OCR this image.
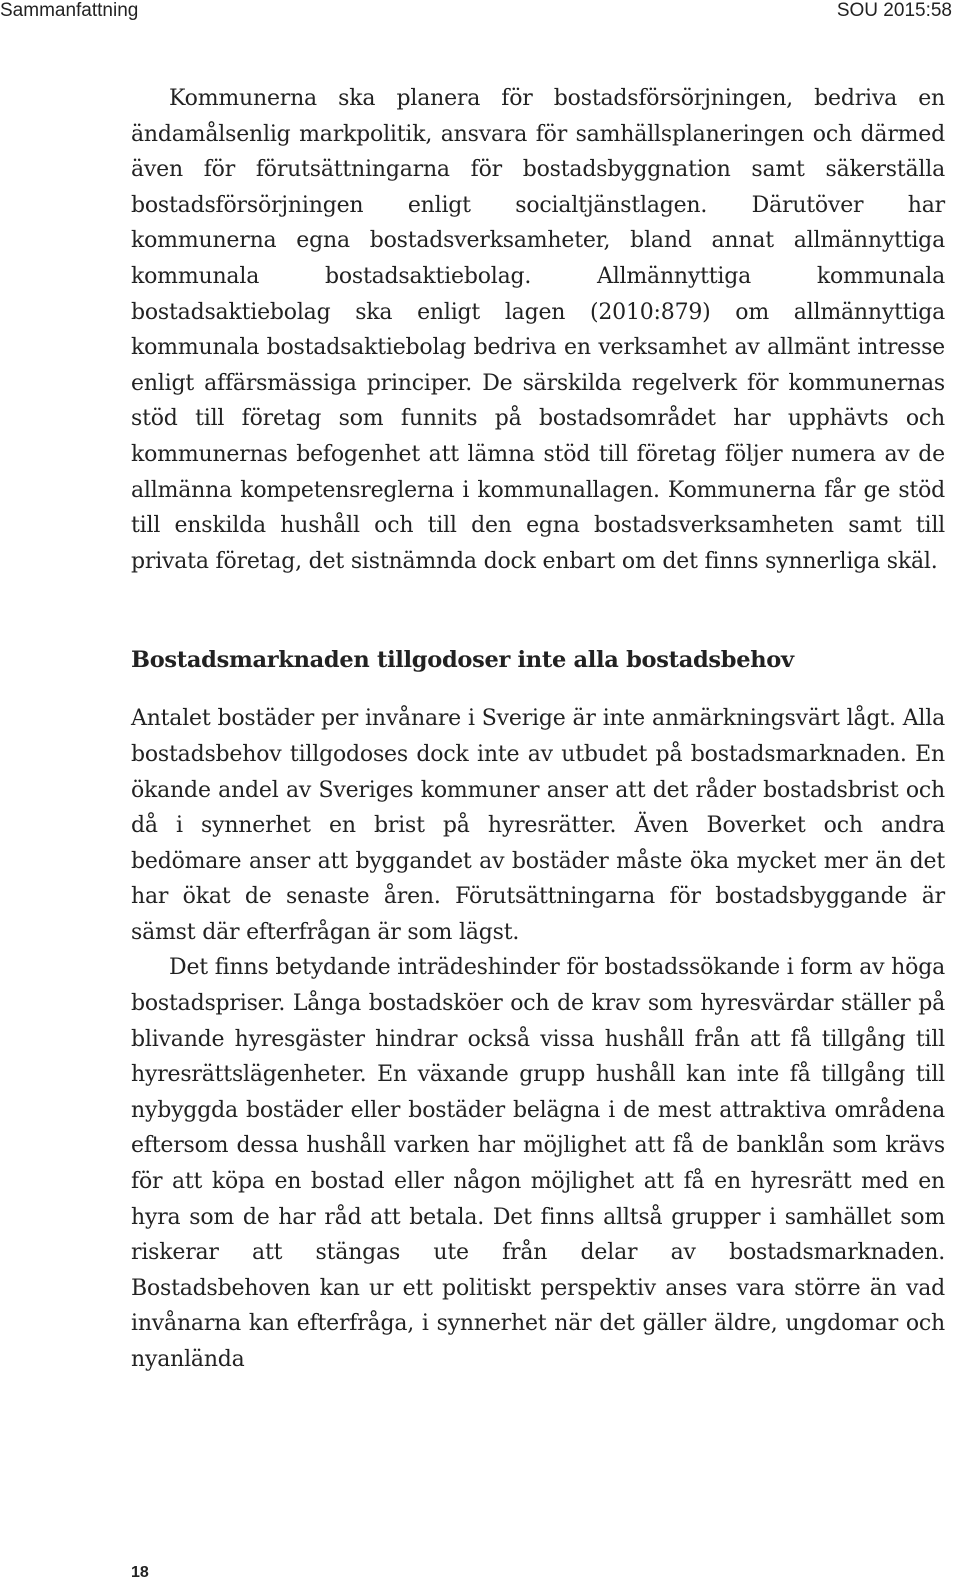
Sammanfattning	SOU 2015:58

Kommunerna ska planera för bostadsförsörjningen, bedriva en ändamålsenlig markpolitik, ansvara för samhällsplaneringen och därmed även för förutsättningarna för bostadsbyggnation samt säkerställa bostadsförsörjningen enligt socialtjänstlagen. Därutöver har kommunerna egna bostadsverksamheter, bland annat allmännyttiga kommunala bostadsaktiebolag. Allmännyttiga kommunala bostadsaktiebolag ska enligt lagen (2010:879) om allmännyttiga kommunala bostadsaktiebolag bedriva en verksamhet av allmänt intresse enligt affärsmässiga principer. De särskilda regelverk för kommunernas stöd till företag som funnits på bostadsområdet har upphävts och kommunernas befogenhet att lämna stöd till företag följer numera av de allmänna kompetensreglerna i kommunallagen. Kommunerna får ge stöd till enskilda hushåll och till den egna bostadsverksamheten samt till privata företag, det sistnämnda dock enbart om det finns synnerliga skäl.

Bostadsmarknaden tillgodoser inte alla bostadsbehov

Antalet bostäder per invånare i Sverige är inte anmärkningsvärt lågt. Alla bostadsbehov tillgodoses dock inte av utbudet på bostadsmarknaden. En ökande andel av Sveriges kommuner anser att det råder bostadsbrist och då i synnerhet en brist på hyresrätter. Även Boverket och andra bedömare anser att byggandet av bostäder måste öka mycket mer än det har ökat de senaste åren. Förutsättningarna för bostadsbyggande är sämst där efterfrågan är som lägst.

Det finns betydande inträdeshinder för bostadssökande i form av höga bostadspriser. Långa bostadsköer och de krav som hyresvärdar ställer på blivande hyresgäster hindrar också vissa hushåll från att få tillgång till hyresrättslägenheter. En växande grupp hushåll kan inte få tillgång till nybyggda bostäder eller bostäder belägna i de mest attraktiva områdena eftersom dessa hushåll varken har möjlighet att få de banklån som krävs för att köpa en bostad eller någon möjlighet att få en hyresrätt med en hyra som de har råd att betala. Det finns alltså grupper i samhället som riskerar att stängas ute från delar av bostadsmarknaden. Bostadsbehoven kan ur ett politiskt perspektiv anses vara större än vad invånarna kan efterfråga, i synnerhet när det gäller äldre, ungdomar och nyanlända

18
